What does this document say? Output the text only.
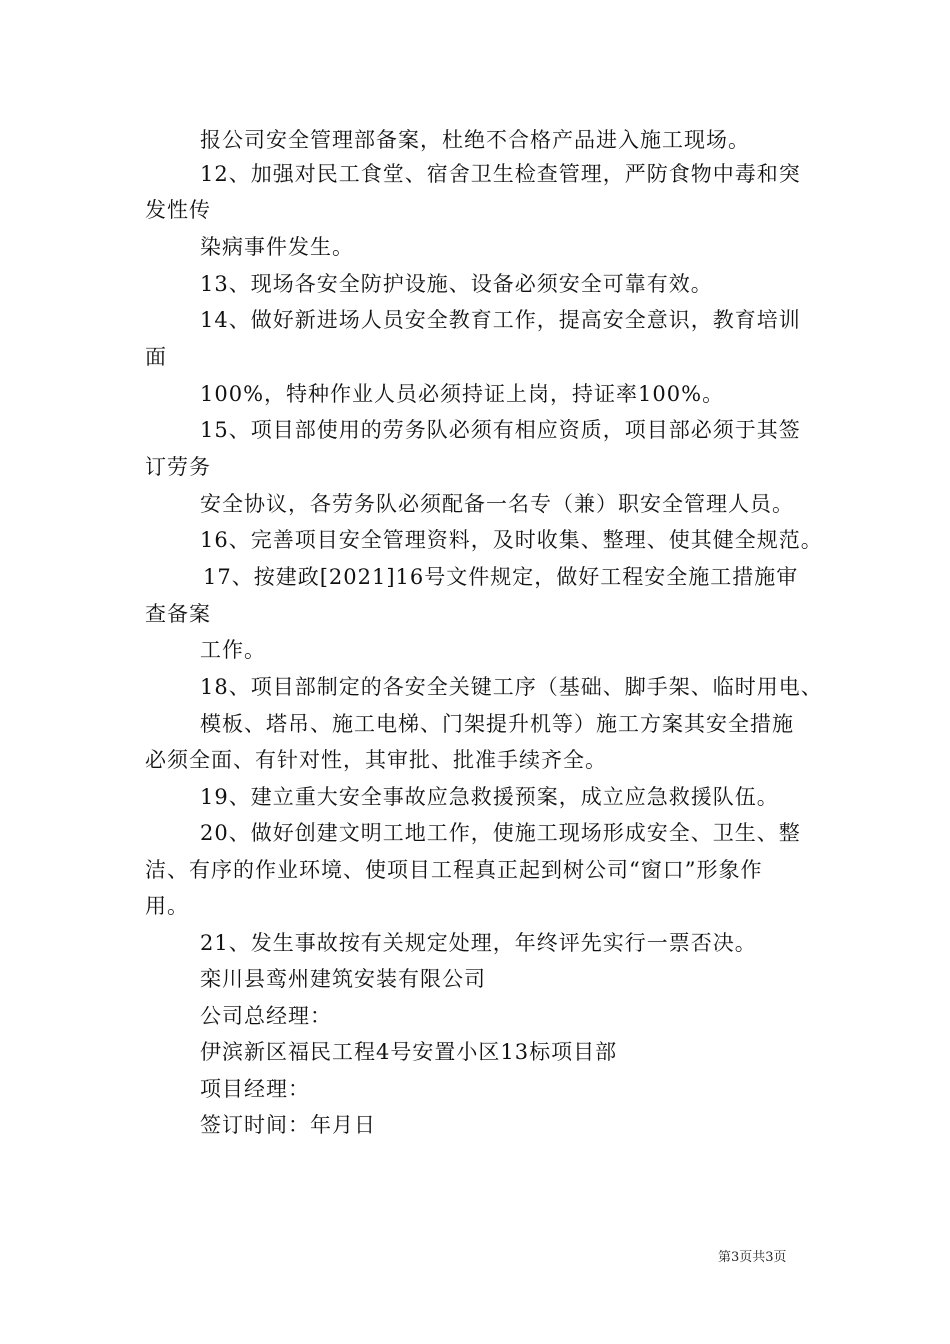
报公司安全管理部备案，杜绝不合格产品进入施工现场。
12、加强对民工食堂、宿舍卫生检查管理，严防食物中毒和突
发性传
染病事件发生。
13、现场各安全防护设施、设备必须安全可靠有效。
14、做好新进场人员安全教育工作，提高安全意识，教育培训
面
100%，特种作业人员必须持证上岗，持证率100%。
15、项目部使用的劳务队必须有相应资质，项目部必须于其签
订劳务
安全协议，各劳务队必须配备一名专（兼）职安全管理人员。
16、完善项目安全管理资料，及时收集、整理、使其健全规范。
17、按建政[2021]16号文件规定，做好工程安全施工措施审
查备案
工作。
18、项目部制定的各安全关键工序（基础、脚手架、临时用电、
模板、塔吊、施工电梯、门架提升机等）施工方案其安全措施
必须全面、有针对性，其审批、批准手续齐全。
19、建立重大安全事故应急救援预案，成立应急救援队伍。
20、做好创建文明工地工作，使施工现场形成安全、卫生、整
洁、有序的作业环境、使项目工程真正起到树公司“窗口”形象作
用。
21、发生事故按有关规定处理，年终评先实行一票否决。
栾川县鸾州建筑安装有限公司
公司总经理：
伊滨新区福民工程4号安置小区13标项目部
项目经理：
签订时间：年月日
第3页共3页
